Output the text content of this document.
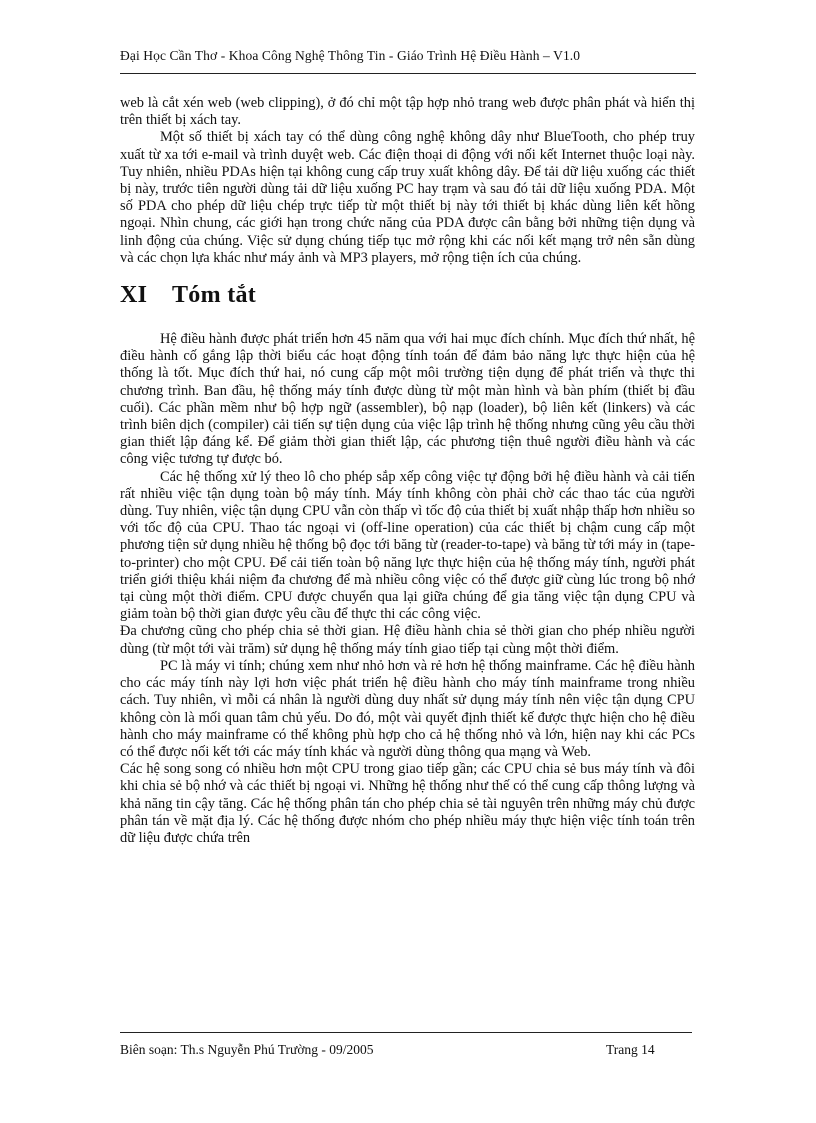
Đại Học Cần Thơ - Khoa Công Nghệ Thông Tin - Giáo Trình Hệ Điều Hành – V1.0

web là cắt xén web (web clipping), ở đó chỉ một tập hợp nhỏ trang web được phân phát và hiển thị trên thiết bị xách tay.

Một số thiết bị xách tay có thể dùng công nghệ không dây như BlueTooth, cho phép truy xuất từ xa tới e-mail và trình duyệt web. Các điện thoại di động với nối kết Internet thuộc loại này. Tuy nhiên, nhiều PDAs hiện tại không cung cấp truy xuất không dây. Để tải dữ liệu xuống các thiết bị này, trước tiên người dùng tải dữ liệu xuống PC hay trạm và sau đó tải dữ liệu xuống PDA. Một số PDA cho phép dữ liệu chép trực tiếp từ một thiết bị này tới thiết bị khác dùng liên kết hồng ngoại. Nhìn chung, các giới hạn trong chức năng của PDA được cân bằng bởi những tiện dụng và linh động của chúng. Việc sử dụng chúng tiếp tục mở rộng khi các nối kết mạng trở nên sẵn dùng và các chọn lựa khác như máy ảnh và MP3 players, mở rộng tiện ích của chúng.

XI Tóm tắt

Hệ điều hành được phát triển hơn 45 năm qua với hai mục đích chính. Mục đích thứ nhất, hệ điều hành cố gắng lập thời biểu các hoạt động tính toán để đảm bảo năng lực thực hiện của hệ thống là tốt. Mục đích thứ hai, nó cung cấp một môi trường tiện dụng để phát triển và thực thi chương trình. Ban đầu, hệ thống máy tính được dùng từ một màn hình và bàn phím (thiết bị đầu cuối). Các phần mềm như bộ hợp ngữ (assembler), bộ nạp (loader), bộ liên kết (linkers) và các trình biên dịch (compiler) cải tiến sự tiện dụng của việc lập trình hệ thống nhưng cũng yêu cầu thời gian thiết lập đáng kể. Để giảm thời gian thiết lập, các phương tiện thuê người điều hành và các công việc tương tự được bó.

Các hệ thống xử lý theo lô cho phép sắp xếp công việc tự động bởi hệ điều hành và cải tiến rất nhiều việc tận dụng toàn bộ máy tính. Máy tính không còn phải chờ các thao tác của người dùng. Tuy nhiên, việc tận dụng CPU vẫn còn thấp vì tốc độ của thiết bị xuất nhập thấp hơn nhiều so với tốc độ của CPU. Thao tác ngoại vi (off-line operation) của các thiết bị chậm cung cấp một phương tiện sử dụng nhiều hệ thống bộ đọc tới băng từ (reader-to-tape) và băng từ tới máy in (tape-to-printer) cho một CPU. Để cải tiến toàn bộ năng lực thực hiện của hệ thống máy tính, người phát triển giới thiệu khái niệm đa chương để mà nhiều công việc có thể được giữ cùng lúc trong bộ nhớ tại cùng một thời điểm. CPU được chuyển qua lại giữa chúng để gia tăng việc tận dụng CPU và giảm toàn bộ thời gian được yêu cầu để thực thi các công việc.

Đa chương cũng cho phép chia sẻ thời gian. Hệ điều hành chia sẻ thời gian cho phép nhiều người dùng (từ một tới vài trăm) sử dụng hệ thống máy tính giao tiếp tại cùng một thời điểm.

PC là máy vi tính; chúng xem như nhỏ hơn và rẻ hơn hệ thống mainframe. Các hệ điều hành cho các máy tính này lợi hơn việc phát triển hệ điều hành cho máy tính mainframe trong nhiều cách. Tuy nhiên, vì mỗi cá nhân là người dùng duy nhất sử dụng máy tính nên việc tận dụng CPU không còn là mối quan tâm chủ yếu. Do đó, một vài quyết định thiết kế được thực hiện cho hệ điều hành cho máy mainframe có thể không phù hợp cho cả hệ thống nhỏ và lớn, hiện nay khi các PCs có thể được nối kết tới các máy tính khác và người dùng thông qua mạng và Web.

Các hệ song song có nhiều hơn một CPU trong giao tiếp gần; các CPU chia sẻ bus máy tính và đôi khi chia sẻ bộ nhớ và các thiết bị ngoại vi. Những hệ thống như thế có thể cung cấp thông lượng và khả năng tin cậy tăng. Các hệ thống phân tán cho phép chia sẻ tài nguyên trên những máy chủ được phân tán về mặt địa lý. Các hệ thống được nhóm cho phép nhiều máy thực hiện việc tính toán trên dữ liệu được chứa trên

Biên soạn: Th.s Nguyễn Phú Trường - 09/2005	Trang 14
